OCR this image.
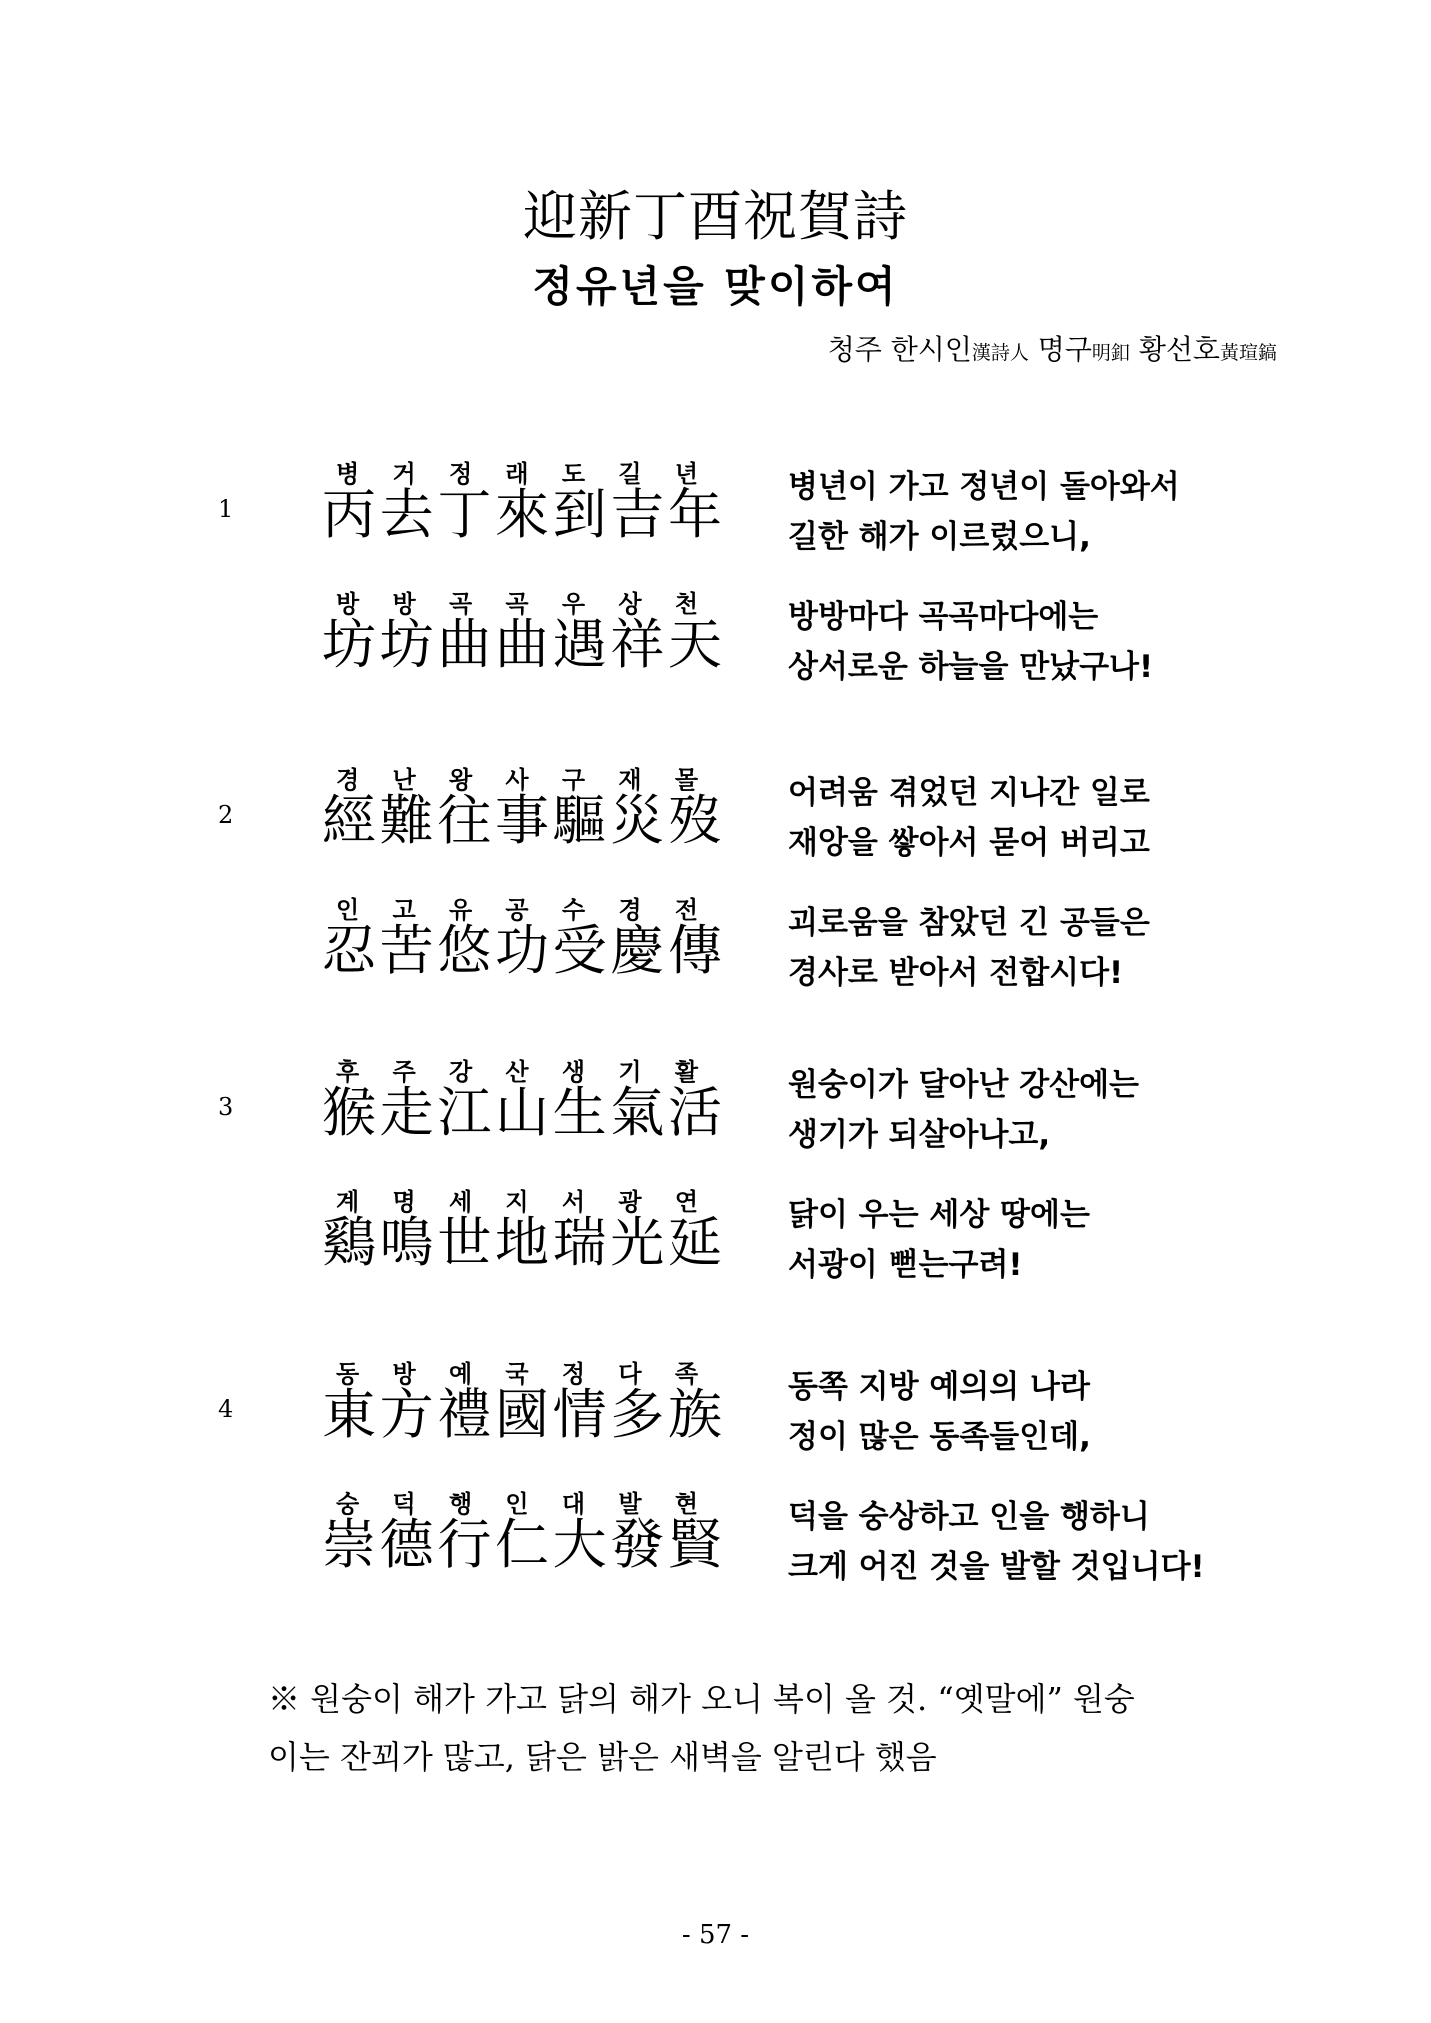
迎新丁酉祝賀詩
정유년을 맞이하여
청주 한시인漢詩人 명구明釦 황선호黃瑄鎬
1
병 거 정 래 도 길 년
丙 去 丁 來 到 吉 年 병년이 가고 정년이 돌아와서
길한 해가 이르렀으니,
방 방 곡 곡 우 상 천
坊 坊 曲 曲 遇 祥 天 방방마다 곡곡마다에는
상서로운 하늘을 만났구나!
2
경 난 왕 사 구 재 몰
經 難 往 事 驅 災 歿 어려움 겪었던 지나간 일로
재앙을 쌓아서 묻어 버리고
인 고 유 공 수 경 전
忍 苦 悠 功 受 慶 傳 괴로움을 참았던 긴 공들은
경사로 받아서 전합시다!
3
후 주 강 산 생 기 활
猴 走 江 山 生 氣 活 원숭이가 달아난 강산에는
생기가 되살아나고,
계 명 세 지 서 광 연
鷄 鳴 世 地 瑞 光 延 닭이 우는 세상 땅에는
서광이 뻗는구려!
4
동 방 예 국 정 다 족
東 方 禮 國 情 多 族 동쪽 지방 예의의 나라
정이 많은 동족들인데,
숭 덕 행 인 대 발 현
崇 德 行 仁 大 發 賢 덕을 숭상하고 인을 행하니
크게 어진 것을 발할 것입니다!
※ 원숭이 해가 가고 닭의 해가 오니 복이 올 것. “옛말에” 원숭
이는 잔꾀가 많고, 닭은 밝은 새벽을 알린다 했음
- 57 -
